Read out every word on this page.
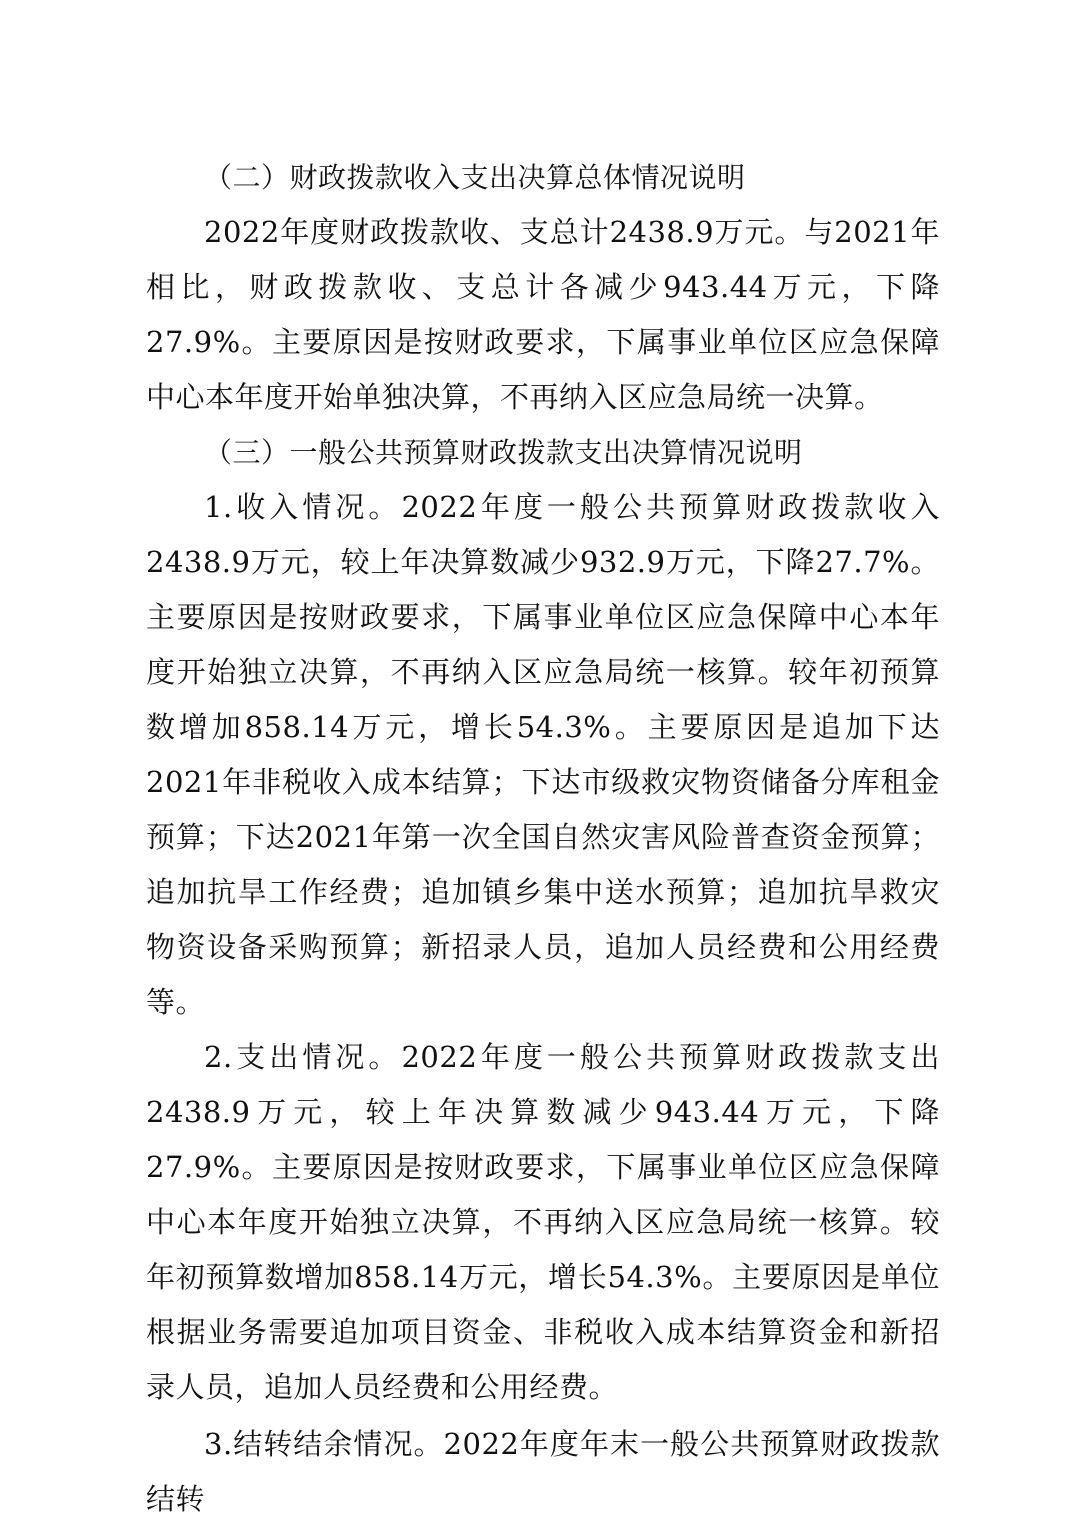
（二）财政拨款收入支出决算总体情况说明

2022年度财政拨款收、支总计2438.9万元。与2021年相比，财政拨款收、支总计各减少943.44万元，下降27.9%。主要原因是按财政要求，下属事业单位区应急保障中心本年度开始单独决算，不再纳入区应急局统一决算。

（三）一般公共预算财政拨款支出决算情况说明

1.收入情况。2022年度一般公共预算财政拨款收入2438.9万元，较上年决算数减少932.9万元，下降27.7%。主要原因是按财政要求，下属事业单位区应急保障中心本年度开始独立决算，不再纳入区应急局统一核算。较年初预算数增加858.14万元，增长54.3%。主要原因是追加下达2021年非税收入成本结算；下达市级救灾物资储备分库租金预算；下达2021年第一次全国自然灾害风险普查资金预算；追加抗旱工作经费；追加镇乡集中送水预算；追加抗旱救灾物资设备采购预算；新招录人员，追加人员经费和公用经费等。

2.支出情况。2022年度一般公共预算财政拨款支出2438.9万元，较上年决算数减少943.44万元，下降27.9%。主要原因是按财政要求，下属事业单位区应急保障中心本年度开始独立决算，不再纳入区应急局统一核算。较年初预算数增加858.14万元，增长54.3%。主要原因是单位根据业务需要追加项目资金、非税收入成本结算资金和新招录人员，追加人员经费和公用经费。

3.结转结余情况。2022年度年末一般公共预算财政拨款结转
